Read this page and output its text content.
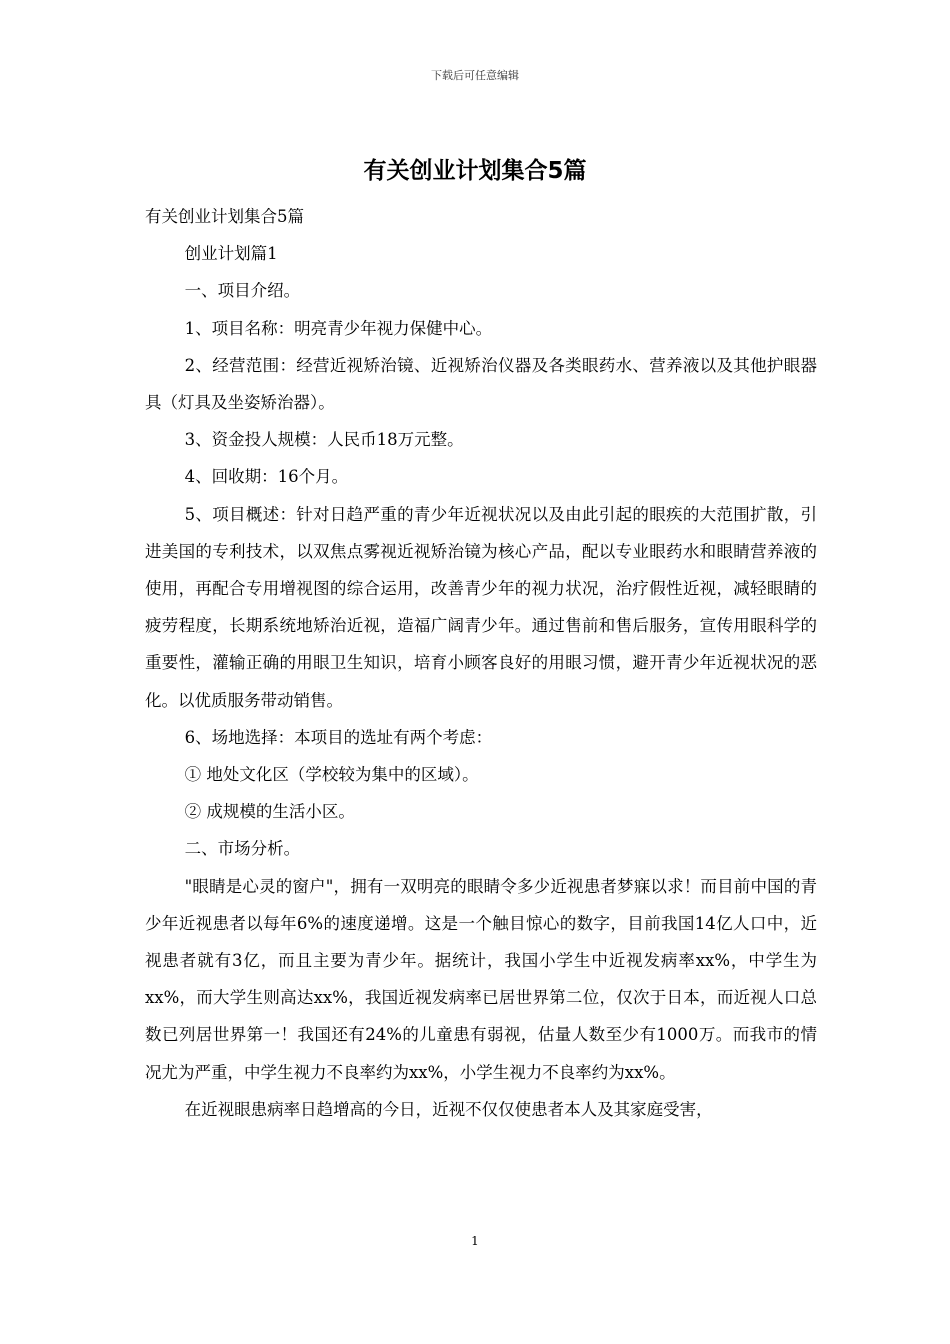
下载后可任意编辑
有关创业计划集合5篇

有关创业计划集合5篇

创业计划篇1

一、项目介绍。

1、项目名称：明亮青少年视力保健中心。

2、经营范围：经营近视矫治镜、近视矫治仪器及各类眼药水、营养液以及其他护眼器具（灯具及坐姿矫治器）。

3、资金投人规模：人民币18万元整。

4、回收期：16个月。

5、项目概述：针对日趋严重的青少年近视状况以及由此引起的眼疾的大范围扩散，引进美国的专利技术，以双焦点雾视近视矫治镜为核心产品，配以专业眼药水和眼睛营养液的使用，再配合专用增视图的综合运用，改善青少年的视力状况，治疗假性近视，减轻眼睛的疲劳程度，长期系统地矫治近视，造福广阔青少年。通过售前和售后服务，宣传用眼科学的重要性，灌输正确的用眼卫生知识，培育小顾客良好的用眼习惯，避开青少年近视状况的恶化。以优质服务带动销售。

6、场地选择：本项目的选址有两个考虑：

① 地处文化区（学校较为集中的区域）。

② 成规模的生活小区。

二、市场分析。

"眼睛是心灵的窗户"，拥有一双明亮的眼睛令多少近视患者梦寐以求！而目前中国的青少年近视患者以每年6%的速度递增。这是一个触目惊心的数字，目前我国14亿人口中，近视患者就有3亿，而且主要为青少年。据统计，我国小学生中近视发病率xx%，中学生为xx%，而大学生则高达xx%，我国近视发病率已居世界第二位，仅次于日本，而近视人口总数已列居世界第一！我国还有24%的儿童患有弱视，估量人数至少有1000万。而我市的情况尤为严重，中学生视力不良率约为xx%，小学生视力不良率约为xx%。

在近视眼患病率日趋增高的今日，近视不仅仅使患者本人及其家庭受害，

1
